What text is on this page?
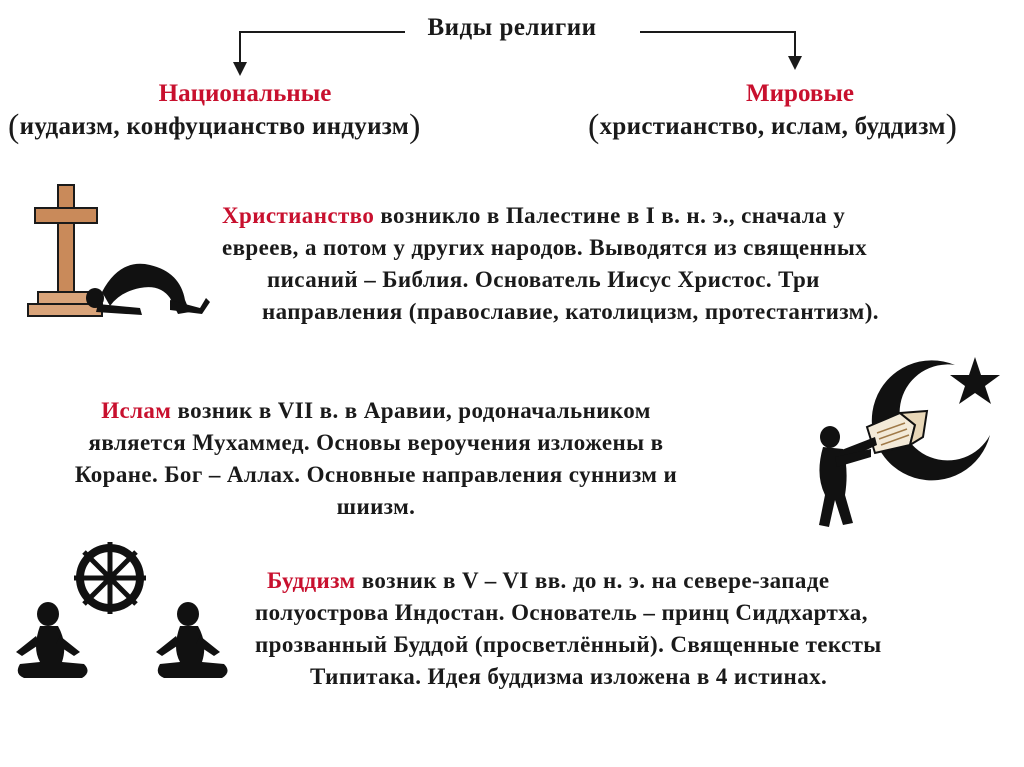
Виды религии
Национальные
(иудаизм, конфуцианство индуизм)
Мировые
(христианство, ислам, буддизм)
Христианство возникло в Палестине в I в. н. э., сначала у
евреев, а потом у других народов. Выводятся из священных
писаний – Библия. Основатель Иисус Христос. Три
направления (православие, католицизм, протестантизм).
Ислам возник в VII в. в Аравии, родоначальником
является Мухаммед. Основы вероучения изложены в
Коране. Бог – Аллах. Основные направления суннизм и
шиизм.
Буддизм возник в V – VI вв. до н. э. на севере-западе
полуострова Индостан. Основатель – принц Сиддхартха,
прозванный Буддой (просветлённый). Священные тексты
Типитака. Идея буддизма изложена в 4 истинах.
